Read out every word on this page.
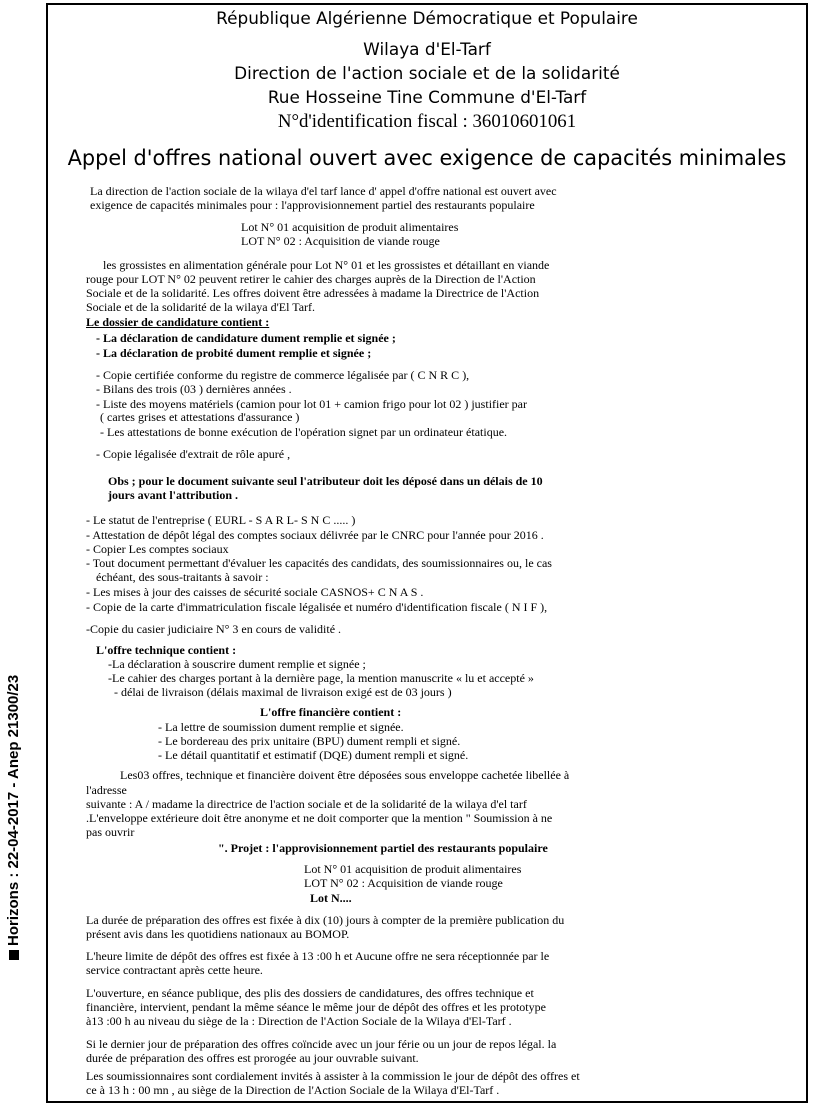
Horizons : 22-04-2017 - Anep 21300/23
République Algérienne Démocratique et Populaire
Wilaya d'El-Tarf
Direction de l'action sociale et de la solidarité
Rue Hosseine Tine Commune d'El-Tarf
N°d'identification fiscal : 36010601061
Appel d'offres national ouvert avec exigence de capacités minimales
La direction de l'action sociale de la wilaya d'el tarf lance d' appel d'offre national est ouvert avec
exigence de capacités minimales pour : l'approvisionnement partiel des restaurants populaire
Lot N° 01 acquisition de produit alimentaires
LOT N° 02 : Acquisition de viande rouge
les grossistes en alimentation générale pour Lot N° 01 et les grossistes et détaillant en viande
rouge pour LOT N° 02 peuvent retirer le cahier des charges auprès de la Direction de l'Action
Sociale et de la solidarité. Les offres doivent être adressées à madame la Directrice de l'Action
Sociale et de la solidarité de la wilaya d'El Tarf.
Le dossier de candidature contient :
- La déclaration de candidature dument remplie et signée ;
- La déclaration de probité dument remplie et signée ;
- Copie certifiée conforme du registre de commerce légalisée par ( C N R C ),
- Bilans des trois (03 ) dernières années .
- Liste des moyens matériels (camion pour lot 01 + camion frigo pour lot 02 ) justifier par
( cartes grises et attestations d'assurance )
- Les attestations de bonne exécution de l'opération signet par un ordinateur étatique.
- Copie légalisée d'extrait de rôle apuré ,
Obs ; pour le document suivante seul l'atributeur doit les déposé dans un délais de 10
jours avant l'attribution .
- Le statut de l'entreprise ( EURL - S A R L- S N C ..... )
- Attestation de dépôt légal des comptes sociaux délivrée par le CNRC pour l'année pour 2016 .
- Copier Les comptes sociaux
- Tout document permettant d'évaluer les capacités des candidats, des soumissionnaires ou, le cas
échéant, des sous-traitants à savoir :
- Les mises à jour des caisses de sécurité sociale CASNOS+ C N A S .
- Copie de la carte d'immatriculation fiscale légalisée et numéro d'identification fiscale ( N I F ),
-Copie du casier judiciaire N° 3 en cours de validité .
L'offre technique contient :
-La déclaration à souscrire dument remplie et signée ;
-Le cahier des charges portant à la dernière page, la mention manuscrite « lu et accepté »
- délai de livraison (délais maximal de livraison exigé est de 03 jours )
L'offre financière contient :
- La lettre de soumission dument remplie et signée.
- Le bordereau des prix unitaire (BPU) dument rempli et signé.
- Le détail quantitatif et estimatif (DQE) dument rempli et signé.
Les03 offres, technique et financière doivent être déposées sous enveloppe cachetée libellée à
l'adresse
suivante : A / madame la directrice de l'action sociale et de la solidarité de la wilaya d'el tarf
.L'enveloppe extérieure doit être anonyme et ne doit comporter que la mention " Soumission à ne
pas ouvrir
". Projet : l'approvisionnement partiel des restaurants populaire
Lot N° 01 acquisition de produit alimentaires
LOT N° 02 : Acquisition de viande rouge
Lot N....
La durée de préparation des offres est fixée à dix (10) jours à compter de la première publication du
présent avis dans les quotidiens nationaux au BOMOP.
L'heure limite de dépôt des offres est fixée à 13 :00 h et Aucune offre ne sera réceptionnée par le
service contractant après cette heure.
L'ouverture, en séance publique, des plis des dossiers de candidatures, des offres technique et
financière, intervient, pendant la même séance le même jour de dépôt des offres et les prototype
à13 :00 h au niveau du siège de la : Direction de l'Action Sociale de la Wilaya d'El-Tarf .
Si le dernier jour de préparation des offres coïncide avec un jour férie ou un jour de repos légal. la
durée de préparation des offres est prorogée au jour ouvrable suivant.
Les soumissionnaires sont cordialement invités à assister à la commission le jour de dépôt des offres et
ce à 13 h : 00 mn , au siège de la Direction de l'Action Sociale de la Wilaya d'El-Tarf .
